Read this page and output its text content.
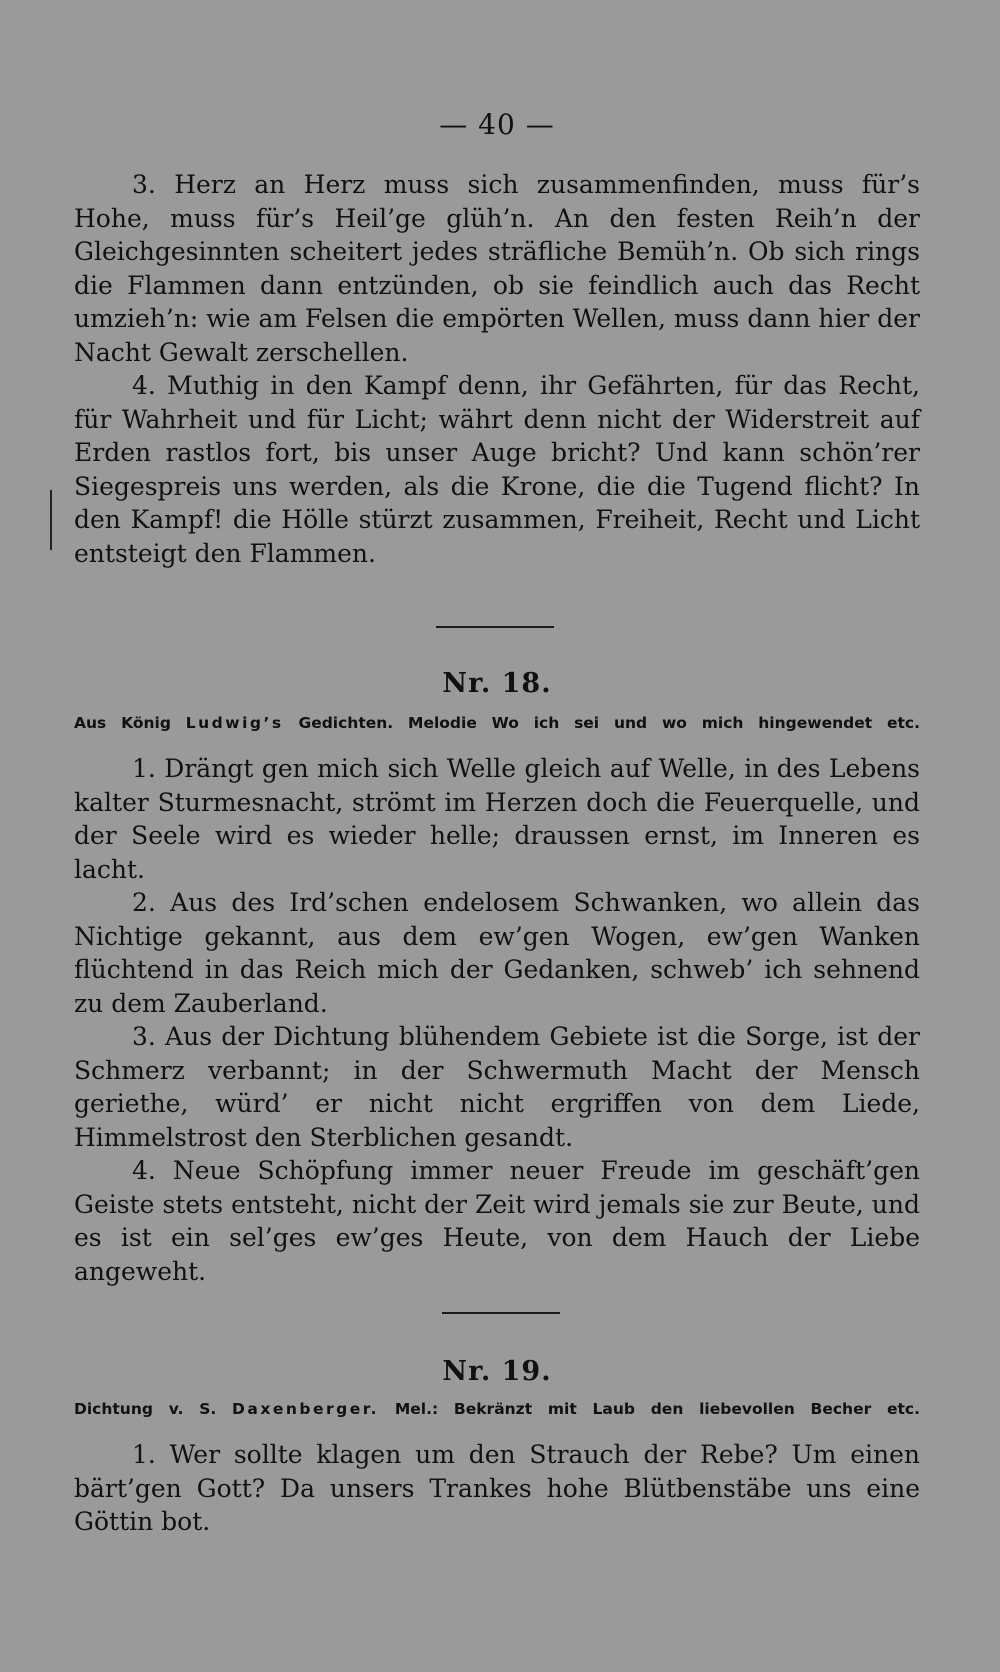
— 40 —

3. Herz an Herz muss sich zusammenfinden, muss für’s Hohe, muss für’s Heil’ge glüh’n. An den festen Reih’n der Gleichgesinnten scheitert jedes sträfliche Bemüh’n. Ob sich rings die Flammen dann entzünden, ob sie feindlich auch das Recht umzieh’n: wie am Felsen die empörten Wellen, muss dann hier der Nacht Gewalt zerschellen.

4. Muthig in den Kampf denn, ihr Gefährten, für das Recht, für Wahrheit und für Licht; währt denn nicht der Widerstreit auf Erden rastlos fort, bis unser Auge bricht? Und kann schön’rer Siegespreis uns werden, als die Krone, die die Tugend flicht? In den Kampf! die Hölle stürzt zusammen, Freiheit, Recht und Licht entsteigt den Flammen.

Nr. 18.
Aus König Ludwig’s Gedichten. Melodie Wo ich sei und wo mich hingewendet etc.

1. Drängt gen mich sich Welle gleich auf Welle, in des Lebens kalter Sturmesnacht, strömt im Herzen doch die Feuerquelle, und der Seele wird es wieder helle; draussen ernst, im Inneren es lacht.

2. Aus des Ird’schen endelosem Schwanken, wo allein das Nichtige gekannt, aus dem ew’gen Wogen, ew’gen Wanken flüchtend in das Reich mich der Gedanken, schweb’ ich sehnend zu dem Zauberland.

3. Aus der Dichtung blühendem Gebiete ist die Sorge, ist der Schmerz verbannt; in der Schwermuth Macht der Mensch geriethe, würd’ er nicht nicht ergriffen von dem Liede, Himmelstrost den Sterblichen gesandt.

4. Neue Schöpfung immer neuer Freude im geschäft’gen Geiste stets entsteht, nicht der Zeit wird jemals sie zur Beute, und es ist ein sel’ges ew’ges Heute, von dem Hauch der Liebe angeweht.

Nr. 19.
Dichtung v. S. Daxenberger. Mel.: Bekränzt mit Laub den liebevollen Becher etc.

1. Wer sollte klagen um den Strauch der Rebe? Um einen bärt’gen Gott? Da unsers Trankes hohe Blütbenstäbe uns eine Göttin bot.
